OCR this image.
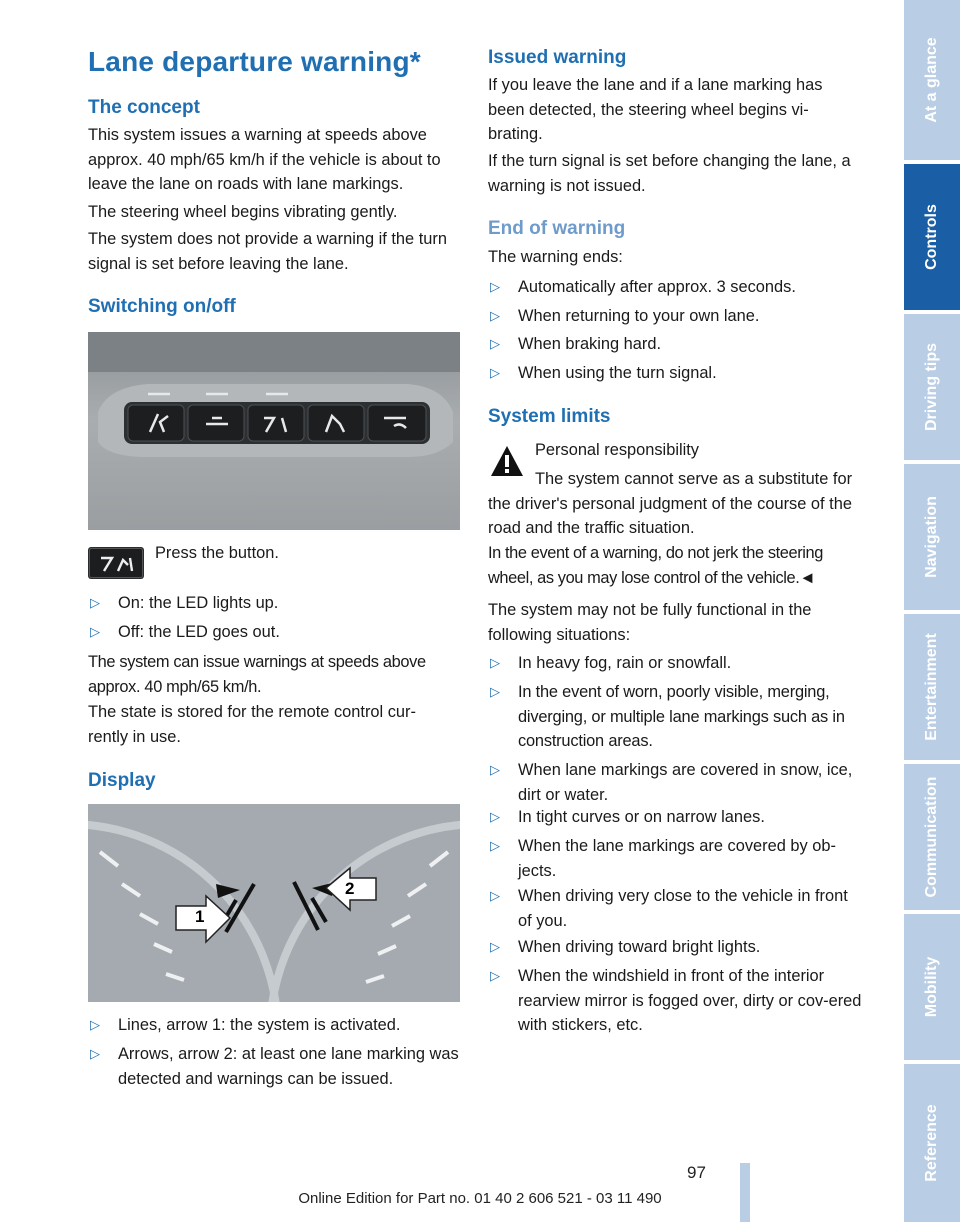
Lane departure warning*
The concept

This system issues a warning at speeds above approx. 40 mph/65 km/h if the vehicle is about to leave the lane on roads with lane markings.

The steering wheel begins vibrating gently.

The system does not provide a warning if the turn signal is set before leaving the lane.

Switching on/off

Press the button.

▷ On: the LED lights up.
▷ Off: the LED goes out.

The system can issue warnings at speeds above approx. 40 mph/65 km/h.

The state is stored for the remote control cur-rently in use.

Display
1
2
▷ Lines, arrow 1: the system is activated.
▷ Arrows, arrow 2: at least one lane marking was detected and warnings can be issued.
Issued warning

If you leave the lane and if a lane marking has been detected, the steering wheel begins vi-brating.

If the turn signal is set before changing the lane, a warning is not issued.

End of warning

The warning ends:

▷ Automatically after approx. 3 seconds.
▷ When returning to your own lane.
▷ When braking hard.
▷ When using the turn signal.
System limits

Personal responsibility

The system cannot serve as a substitute for the driver's personal judgment of the course of the road and the traffic situation.

In the event of a warning, do not jerk the steering wheel, as you may lose control of the vehicle.◄

The system may not be fully functional in the following situations:

▷ In heavy fog, rain or snowfall.
▷ In the event of worn, poorly visible, merging, diverging, or multiple lane markings such as in construction areas.
▷ When lane markings are covered in snow, ice, dirt or water.
▷ In tight curves or on narrow lanes.
▷ When the lane markings are covered by ob-jects.
▷ When driving very close to the vehicle in front of you.
▷ When driving toward bright lights.
▷ When the windshield in front of the interior rearview mirror is fogged over, dirty or cov-ered with stickers, etc.
At a glance
Controls
Driving tips
Navigation
Entertainment
Communication
Mobility
Reference
97
Online Edition for Part no. 01 40 2 606 521 - 03 11 490
